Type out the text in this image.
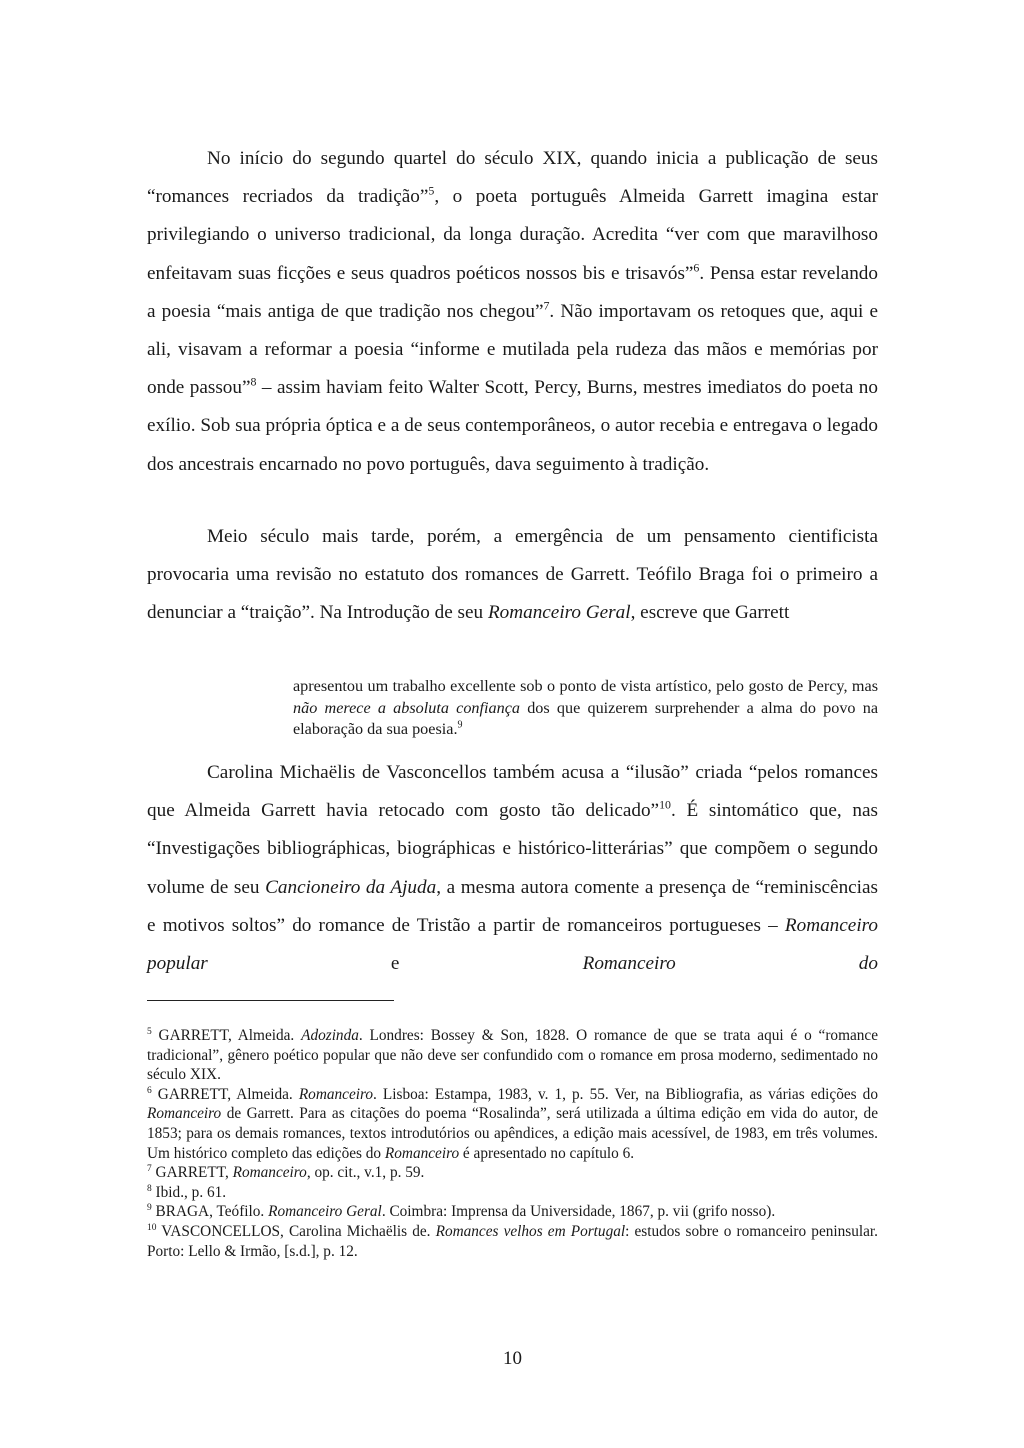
No início do segundo quartel do século XIX, quando inicia a publicação de seus “romances recriados da tradição”$^5$, o poeta português Almeida Garrett imagina estar privilegiando o universo tradicional, da longa duração. Acredita “ver com que maravilhoso enfeitavam suas ficções e seus quadros poéticos nossos bis e trisavós”$^6$. Pensa estar revelando a poesia “mais antiga de que tradição nos chegou”$^7$. Não importavam os retoques que, aqui e ali, visavam a reformar a poesia “informe e mutilada pela rudeza das mãos e memórias por onde passou”$^8$ – assim haviam feito Walter Scott, Percy, Burns, mestres imediatos do poeta no exílio. Sob sua própria óptica e a de seus contemporâneos, o autor recebia e entregava o legado dos ancestrais encarnado no povo português, dava seguimento à tradição.

Meio século mais tarde, porém, a emergência de um pensamento cientificista provocaria uma revisão no estatuto dos romances de Garrett. Teófilo Braga foi o primeiro a denunciar a “traição”. Na Introdução de seu Romanceiro Geral, escreve que Garrett

apresentou um trabalho excellente sob o ponto de vista artístico, pelo gosto de Percy, mas não merece a absoluta confiança dos que quizerem surprehender a alma do povo na elaboração da sua poesia.$^9$

Carolina Michaëlis de Vasconcellos também acusa a “ilusão” criada “pelos romances que Almeida Garrett havia retocado com gosto tão delicado”$^{10}$. É sintomático que, nas “Investigações bibliográphicas, biográphicas e histórico-litterárias” que compõem o segundo volume de seu Cancioneiro da Ajuda, a mesma autora comente a presença de “reminiscências e motivos soltos” do romance de Tristão a partir de romanceiros portugueses – Romanceiro popular e Romanceiro do

$^5$ GARRETT, Almeida. Adozinda. Londres: Bossey & Son, 1828. O romance de que se trata aqui é o “romance tradicional”, gênero poético popular que não deve ser confundido com o romance em prosa moderno, sedimentado no século XIX.

$^6$ GARRETT, Almeida. Romanceiro. Lisboa: Estampa, 1983, v. 1, p. 55. Ver, na Bibliografia, as várias edições do Romanceiro de Garrett. Para as citações do poema “Rosalinda”, será utilizada a última edição em vida do autor, de 1853; para os demais romances, textos introdutórios ou apêndices, a edição mais acessível, de 1983, em três volumes. Um histórico completo das edições do Romanceiro é apresentado no capítulo 6.

$^7$ GARRETT, Romanceiro, op. cit., v.1, p. 59.

$^8$ Ibid., p. 61.

$^9$ BRAGA, Teófilo. Romanceiro Geral. Coimbra: Imprensa da Universidade, 1867, p. vii (grifo nosso).

$^{10}$ VASCONCELLOS, Carolina Michaëlis de. Romances velhos em Portugal: estudos sobre o romanceiro peninsular. Porto: Lello & Irmão, [s.d.], p. 12.

10
